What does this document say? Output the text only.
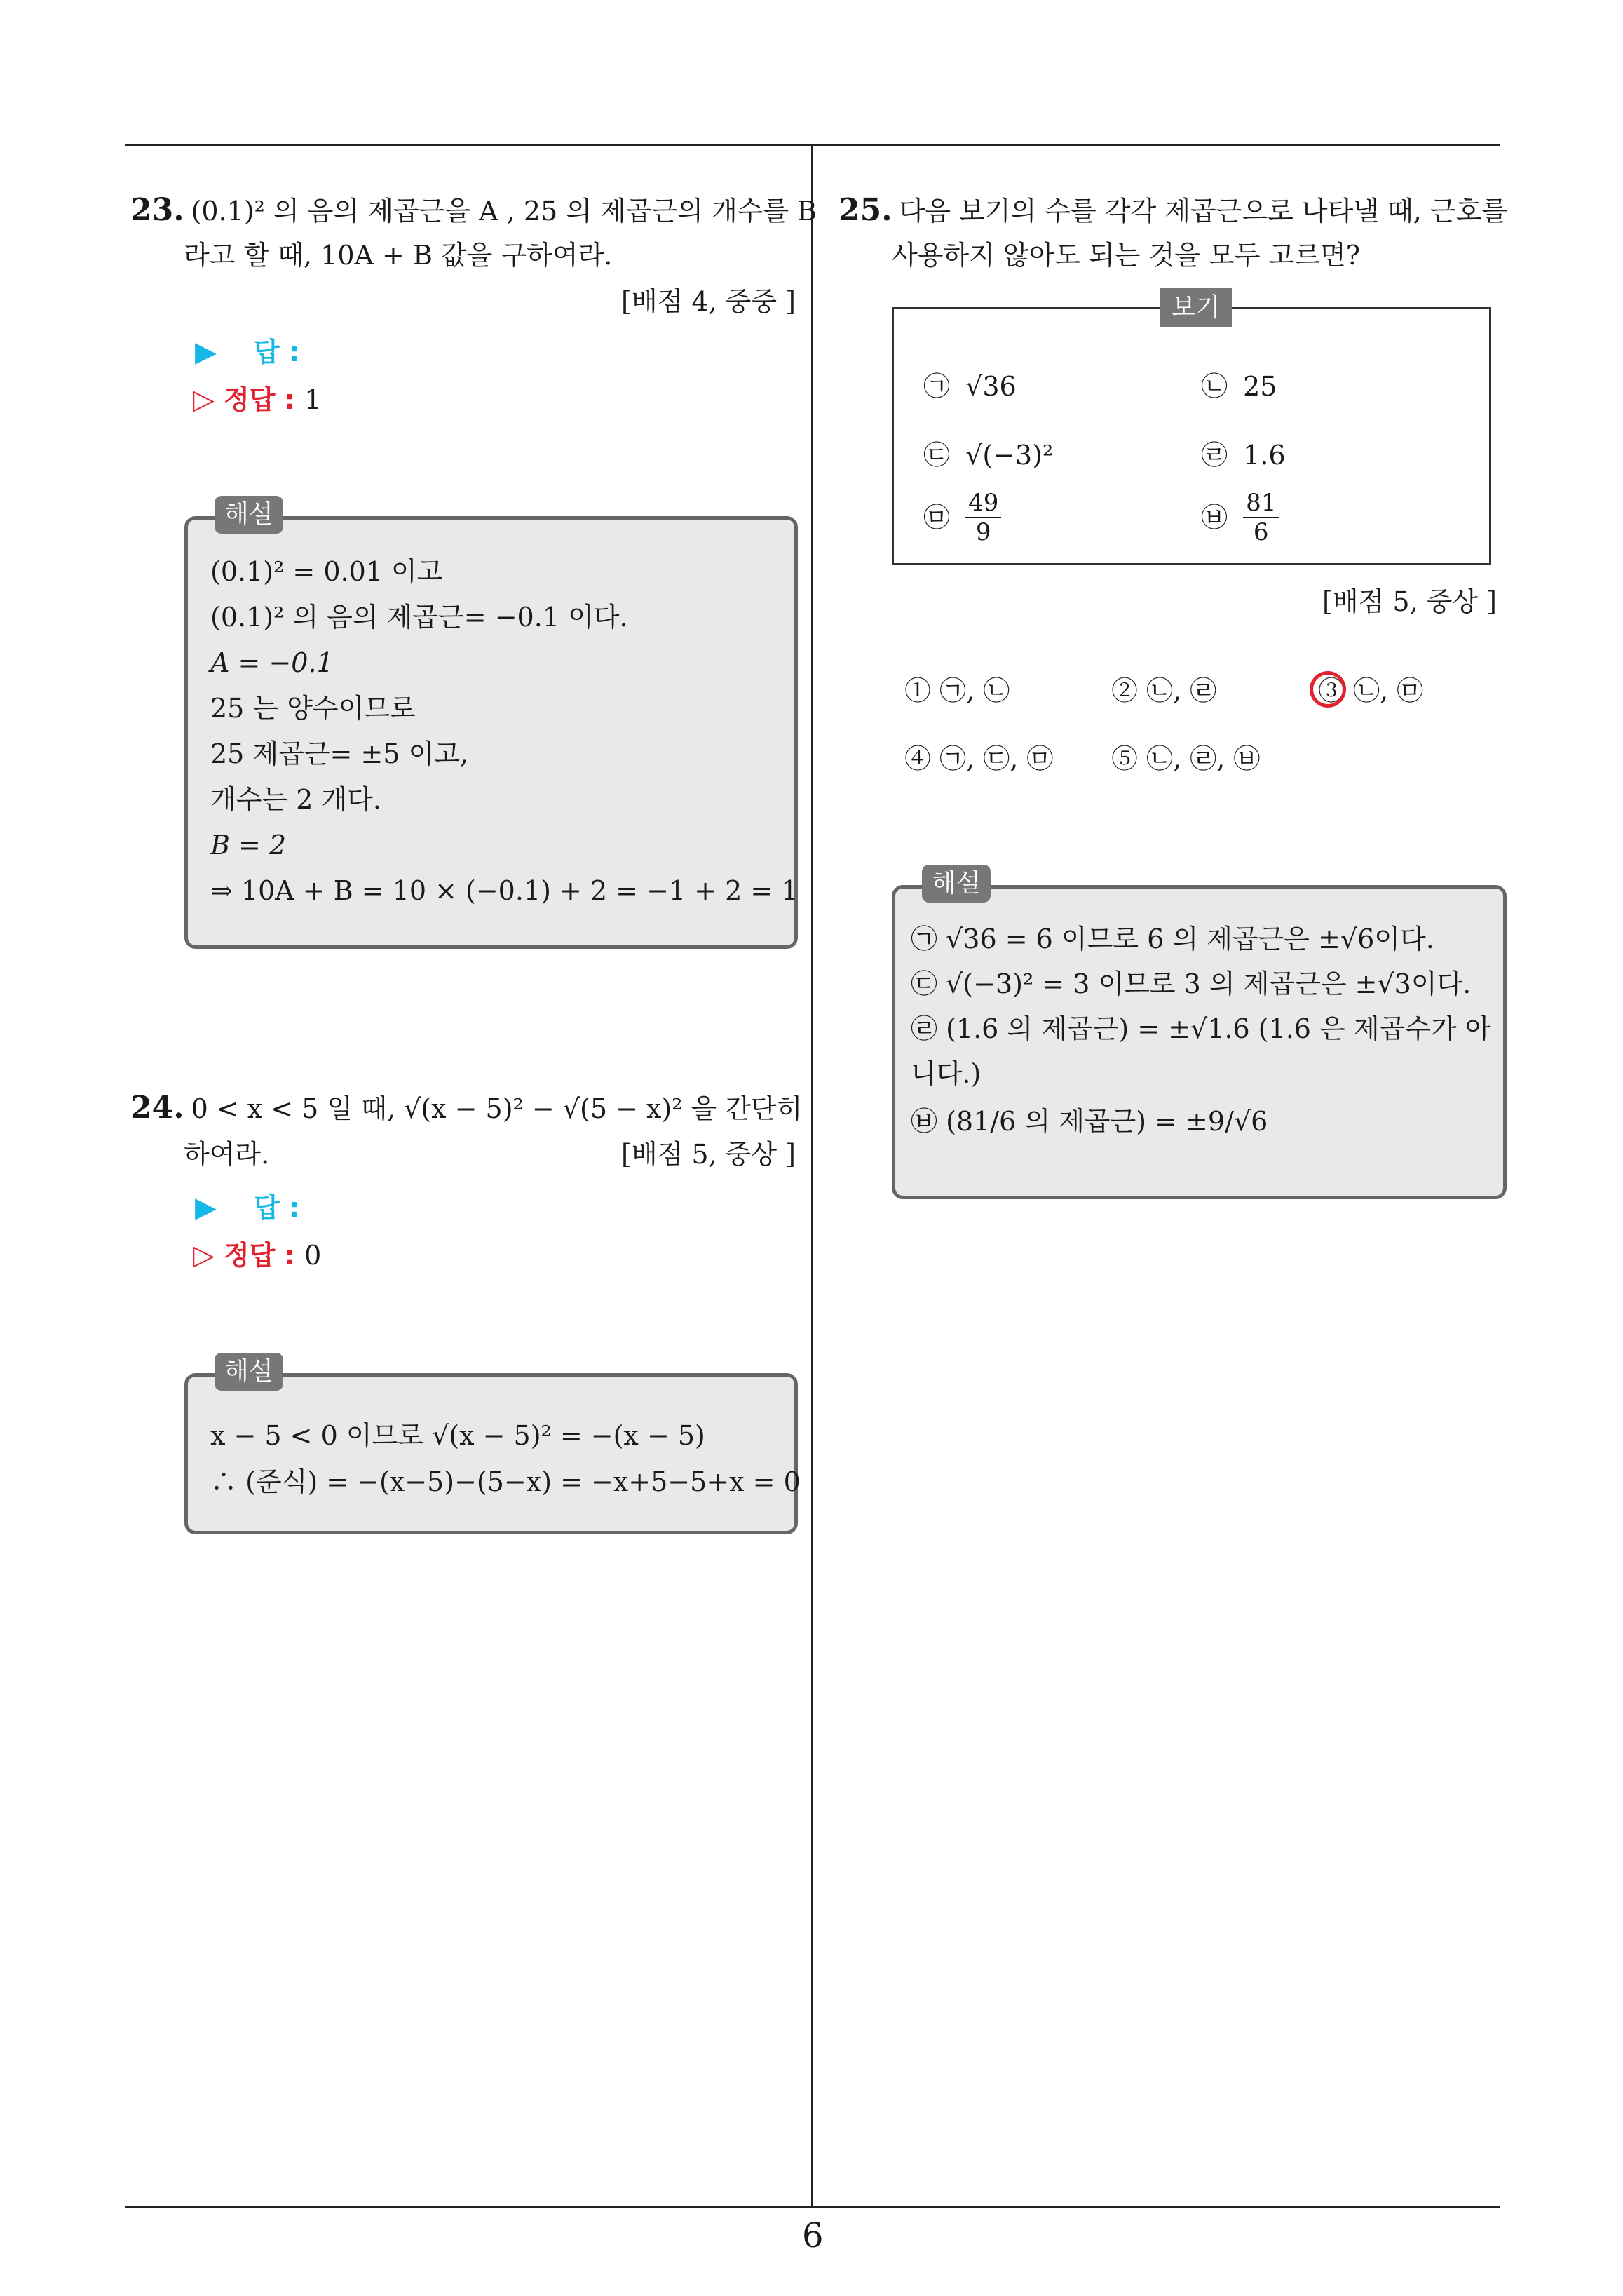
23. (0.1)² 의 음의 제곱근을 A , 25 의 제곱근의 개수를 B
라고 할 때, 10A + B 값을 구하여라.
[배점 4, 중중 ]
▶ 답 :
▷ 정답 : 1
해설
(0.1)² = 0.01 이고
(0.1)² 의 음의 제곱근= −0.1 이다.
A = −0.1
25 는 양수이므로
25 제곱근= ±5 이고,
개수는 2 개다.
B = 2
⇒ 10A + B = 10 × (−0.1) + 2 = −1 + 2 = 1
24. 0 < x < 5 일 때, √(x − 5)² − √(5 − x)² 을 간단히
하여라.	[배점 5, 중상 ]
▶ 답 :
▷ 정답 : 0
해설
x − 5 < 0 이므로 √(x − 5)² = −(x − 5)
∴ (준식) = −(x−5)−(5−x) = −x+5−5+x = 0
25. 다음 보기의 수를 각각 제곱근으로 나타낼 때, 근호를
사용하지 않아도 되는 것을 모두 고르면?
보기
㉠ √36	㉡ 25
㉢ √(−3)²	㉣ 1.6
㉤ $\frac{49}{9}$	㉥ $\frac{81}{6}$
[배점 5, 중상 ]
① ㉠, ㉡	② ㉡, ㉣	③ ㉡, ㉤
④ ㉠, ㉢, ㉤ ⑤ ㉡, ㉣, ㉥
해설
㉠ √36 = 6 이므로 6 의 제곱근은 ±√6이다.
㉢ √(−3)² = 3 이므로 3 의 제곱근은 ±√3이다.
㉣ (1.6 의 제곱근) = ±√1.6 (1.6 은 제곱수가 아
니다.)
㉥ (81/6 의 제곱근) = ±9/√6
6
